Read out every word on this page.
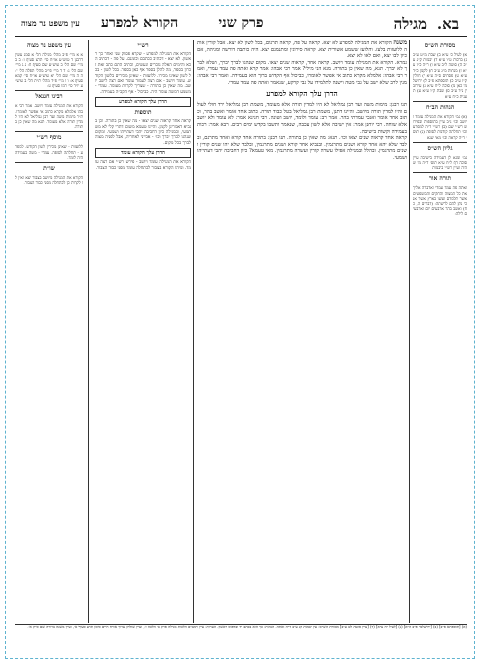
בא.
מגילה
פרק שני
הקורא למפרע
עין משפט נר מצוה
מסורת הש״ס

א) לעיל כ׳ ע״א ב) שבת מ״ט ע״ב ג) ברכות ט״ו ע״א ד) יבמות ק״ג ע״ב ה) סוטה ל״ב ע״א ו) ר״ה כ״ז ע״א ז) מנחות מ״ג ע״ב ח) לקמן כ״ד ע״א ט) פסחים ס״ה ע״א י) חולין ק״ז ע״ב כ) תוספתא פ״ב ל) ירושלמי כאן מ) סוכה ל״ח ע״א נ) עירובין נ״ד ע״ב ס) שבת ק״ו ע״א ע) תענית כ״ח ע״א

הגהות הב״ח

(א) גמ׳ הקורא את המגילה עומד ויושב וכו׳ נ״ב עיין בתוספות ובפירוש רש״י שם (ב) רש״י ד״ה למפרע וכו׳ תחלתה קודמת לסופה (ג) תוס׳ ד״ה קראה וכו׳ מאי שנא

גליון הש״ס

גמ׳ ומנא לן דעמידה בישיבה עיין סוכה דף ל״ח ע״א תוס׳ ד״ה מי שהיה ועיין רש״י ביבמות

תורה אור

ואתה פה עמד עמדי ואדברה אליך את כל המצוה והחקים והמשפטים אשר תלמדם ועשו בארץ אשר אנכי נתן להם לרשתה: (דברים ה, כח) ואשב בהר ארבעים יום וארבעים לילה:

משנה הקורא את המגילה למפרע לא יצא. קראה על פה, קראה תרגום, בכל לשון לא יצא. אבל קורין אותה ללועזות בלעז. והלועז ששמע אשורית יצא. קראה סירוגין ומתנמנם יצא. היה כותבה דורשה ומגיהה, אם כיון לבו יצא, ואם לאו לא יצא.

גמרא. הקורא את המגילה עומד ויושב. קראה אחד, קראוה שנים יצאו. מקום שנהגו לברך יברך, ושלא לברך לא יברך. תנא, מה שאין כן בתורה. מנא הני מילי? אמר רבי אבהו: אמר קרא ואתה פה עמד עמדי, ואמר רבי אבהו: אלמלא מקרא כתוב אי אפשר לאומרו, כביכול אף הקדוש ברוך הוא בעמידה. ואמר רבי אבהו: מנין לרב שלא ישב על גבי מטה וישנה לתלמידו על גבי קרקע, שנאמר ואתה פה עמד עמדי.

הדרן עלך הקורא למפרע

תנו רבנן: מימות משה ועד רבן גמליאל לא היו למדין תורה אלא מעומד, משמת רבן גמליאל ירד חולי לעולם והיו למדין תורה מיושב. והיינו דתנן, משמת רבן גמליאל בטל כבוד תורה. כתוב אחד אומר ואשב בהר, וכתוב אחד אומר ואנכי עמדתי בהר. אמר רב: עומד ולומד, יושב ושונה. רבי חנינא אמר: לא עומד ולא יושב אלא שוחה. רבי יוחנן אמר: אין ישיבה אלא לשון עכבה, שנאמר ותשבו בקדש ימים רבים. רבא אמר: רכות בעמידה וקשות בישיבה.

קראה אחד קראוה שנים יצאו וכו׳. תנא: מה שאין כן בתורה. תנו רבנן: בתורה אחד קורא ואחד מתרגם, ובלבד שלא יהא אחד קורא ושנים מתרגמין. ובנביא אחד קורא ושנים מתרגמין, ובלבד שלא יהו שנים קורין ושנים מתרגמין. ובהלל ובמגילה אפילו עשרה קורין ועשרה מתרגמין. מאי טעמא? כיון דחביבה יהבי דעתייהו ושמעי.

רש״י

הקורא את המגילה למפרע - שקרא פסוק שני ואחר כך ראשון. לא יצא - דכתיב ככתבם וכזמנם. על פה - דכתיב הכא והימים האלה נזכרים ונעשים, וכתיב התם כתב זאת זכרון בספר, מה להלן בספר אף כאן בספר. בכל לשון - בכל לשון שאינו מכירו. ללועזות - שאינן מכירים בלשון הקודש. עומד ויושב - אם רצה לעמוד עומד ואם רצה לישב יושב. מה שאין כן בתורה - שצריך לקרות מעומד. עמדי - משמע דמשה עומד היה. כביכול - אף הקב״ה בעמידה.

הדרן עלך הקורא למפרע
תוספות

קראה אחד קראוה שנים יצאו - מה שאין כן בתורה. וכן בנביא דאמרינן לקמן. והיינו טעמא משום דתרי קלי לא משתמעי, ובמגילה כיון דחביבה יהבי דעתייהו ושמעי. ומקום שנהגו לברך יברך וכו׳ - אבייני לאחריה, אבל לפניה מצוה לברך בכל מקום.

הדרן עלך הקורא עומד

הקורא את המגילה עומד ויושב - פירש רש״י אם רצה עומד. ומיהו הקורא בצבור לכתחלה עומד מפני כבוד הצבור.

עין משפט נר מצוה

א א מיי׳ פ״ב מהל׳ מגילה הל׳ א סמג עשין דרבנן ד טוש״ע או״ח סי׳ תרצ סעיף ו: ב ב מיי׳ שם הל׳ ב טוש״ע שם סעיף ח: ג ג מיי׳ שם הל׳ ג: ד ד מיי׳ פי״ב מהל׳ תפלה הל׳ י: ה ה מיי׳ שם הל׳ יא טוש״ע או״ח סי׳ קמא סעיף א: ו ו מיי׳ פ״ד מהל׳ ת״ת הל׳ ב טוש״ע יו״ד סי׳ רמו סעיף ט:

רבינו חננאל

הקורא את המגילה עומד ויושב. אמר רבי אבהו אלמלא מקרא כתוב אי אפשר לאומרו. ת״ר מימות משה ועד רבן גמליאל לא היו למדין תורה אלא מעומד. תנא מה שאין כן בתורה.

מוסף רש״י

ללועזות - שאינן מכירין לשון הקודש. למפרע - תחלתה לסופה. עמדי - משה בעמידה היה לומד.

שו״ת

הקורא את המגילה מיושב בצבור יצא ואין לו לקרות כן לכתחלה מפני כבוד הצבור.

(א) [תוספתא פ״ב] (ב) [ירושלמי פ״ב ה״א] (ג) [לעיל יח ע״א] (ד) [עיין סוטה לט ע״ב] מסורת הש״ס: עין יבמות קג ע״ב ד״ה ואתה. הגהות: כך הוא בכתב יד ובדפוס ראשון. הערות: עיין רמב״ם הלכות מגילה פרק ב׳ הלכה ז׳, ועיין שולחן ערוך אורח חיים סימן תרצ סעיף א׳, ועיין משנה ברורה שם ס״ק א׳.
